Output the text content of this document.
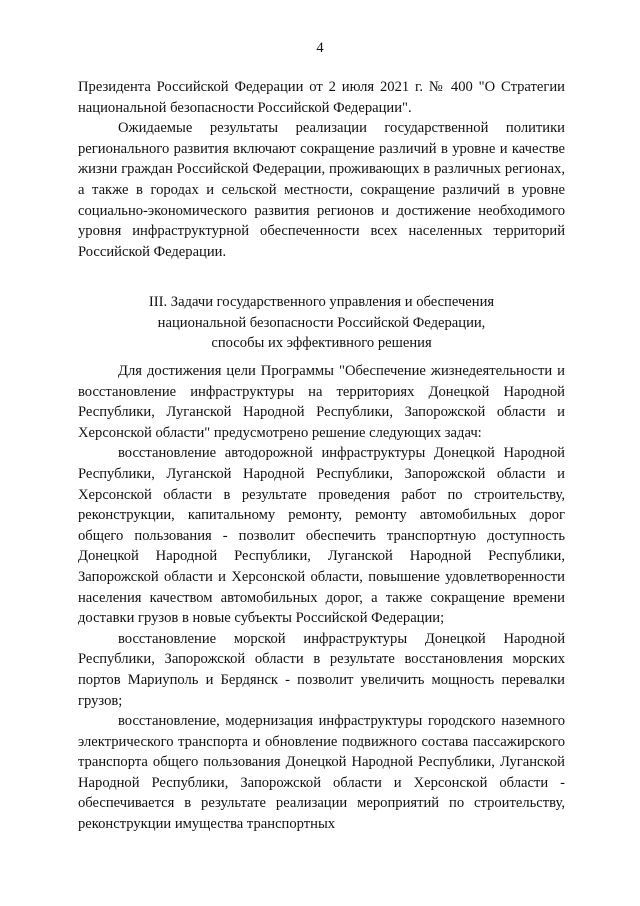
4

Президента Российской Федерации от 2 июля 2021 г. № 400 "О Стратегии национальной безопасности Российской Федерации".

Ожидаемые результаты реализации государственной политики регионального развития включают сокращение различий в уровне и качестве жизни граждан Российской Федерации, проживающих в различных регионах, а также в городах и сельской местности, сокращение различий в уровне социально-экономического развития регионов и достижение необходимого уровня инфраструктурной обеспеченности всех населенных территорий Российской Федерации.

III. Задачи государственного управления и обеспечения
национальной безопасности Российской Федерации,
способы их эффективного решения

Для достижения цели Программы "Обеспечение жизнедеятельности и восстановление инфраструктуры на территориях Донецкой Народной Республики, Луганской Народной Республики, Запорожской области и Херсонской области" предусмотрено решение следующих задач:

восстановление автодорожной инфраструктуры Донецкой Народной Республики, Луганской Народной Республики, Запорожской области и Херсонской области в результате проведения работ по строительству, реконструкции, капитальному ремонту, ремонту автомобильных дорог общего пользования - позволит обеспечить транспортную доступность Донецкой Народной Республики, Луганской Народной Республики, Запорожской области и Херсонской области, повышение удовлетворенности населения качеством автомобильных дорог, а также сокращение времени доставки грузов в новые субъекты Российской Федерации;

восстановление морской инфраструктуры Донецкой Народной Республики, Запорожской области в результате восстановления морских портов Мариуполь и Бердянск - позволит увеличить мощность перевалки грузов;

восстановление, модернизация инфраструктуры городского наземного электрического транспорта и обновление подвижного состава пассажирского транспорта общего пользования Донецкой Народной Республики, Луганской Народной Республики, Запорожской области и Херсонской области - обеспечивается в результате реализации мероприятий по строительству, реконструкции имущества транспортных
